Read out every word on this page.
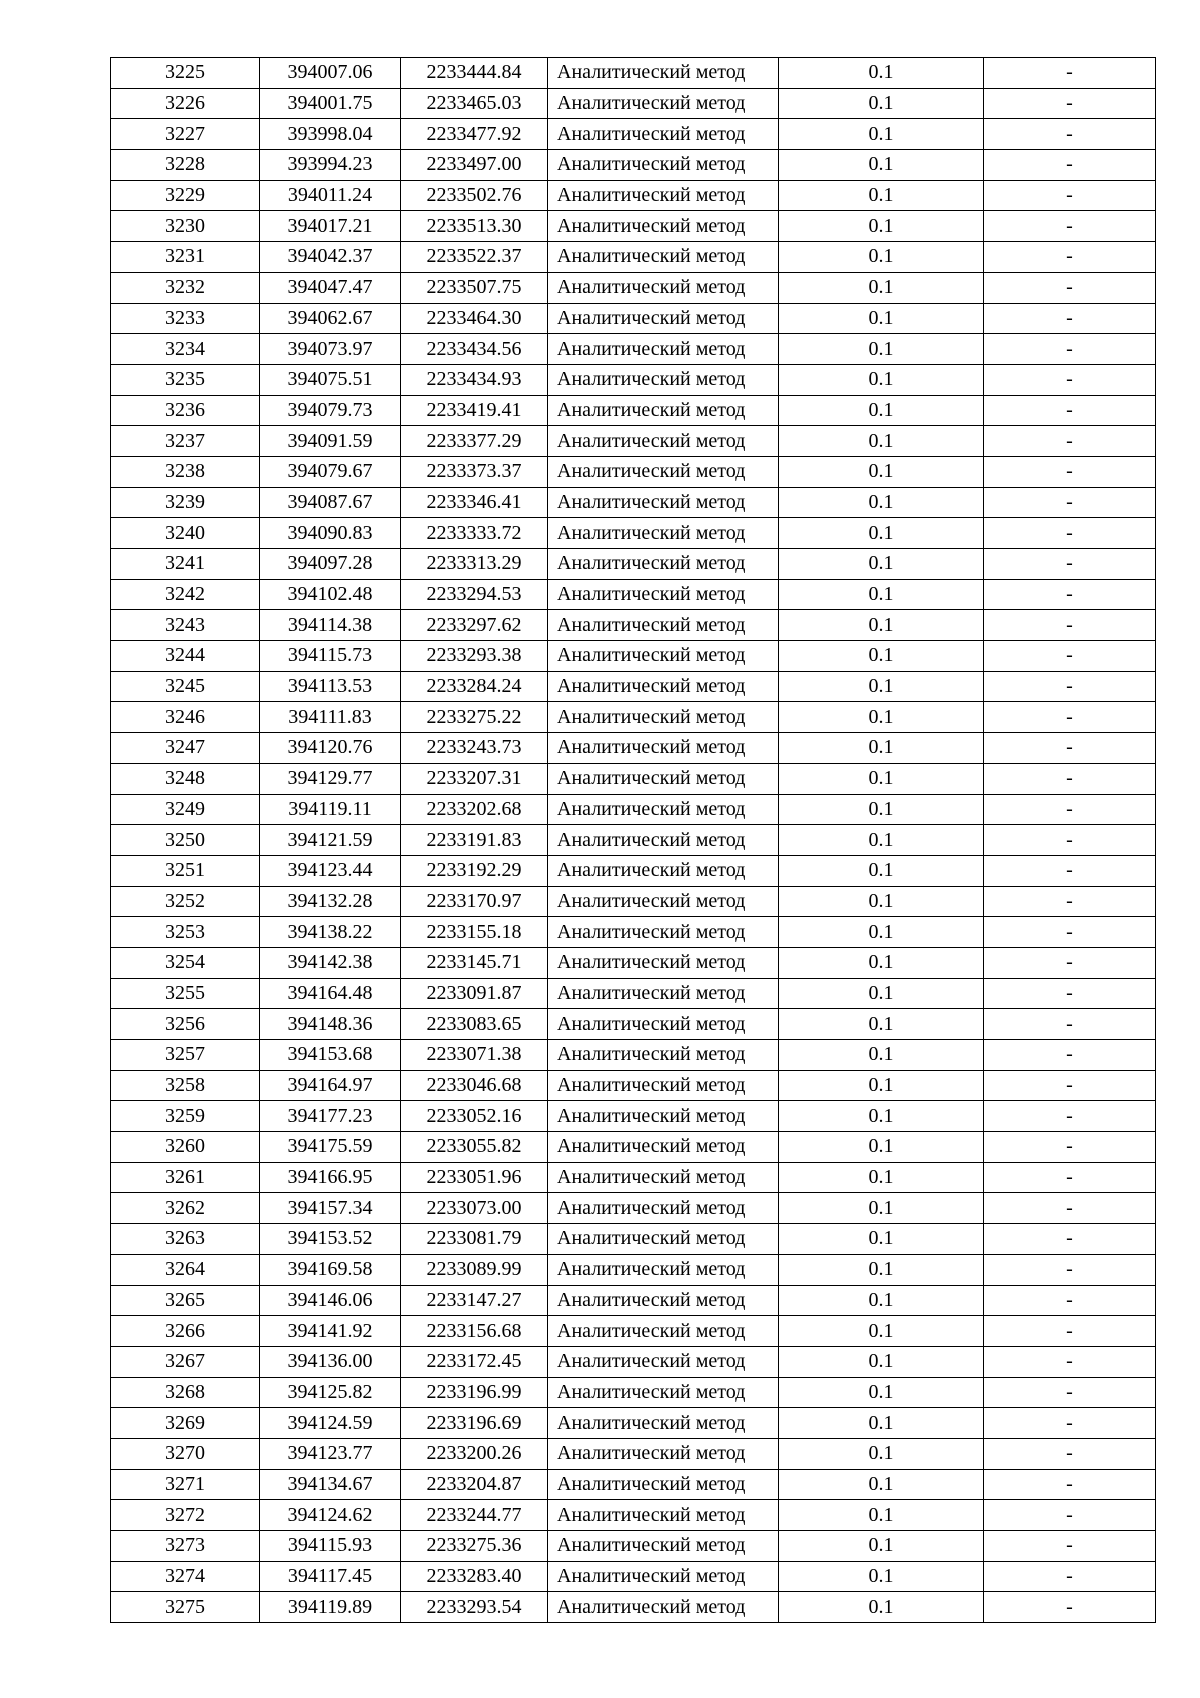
3225	394007.06	2233444.84	Аналитический метод	0.1	-
3226	394001.75	2233465.03	Аналитический метод	0.1	-
3227	393998.04	2233477.92	Аналитический метод	0.1	-
3228	393994.23	2233497.00	Аналитический метод	0.1	-
3229	394011.24	2233502.76	Аналитический метод	0.1	-
3230	394017.21	2233513.30	Аналитический метод	0.1	-
3231	394042.37	2233522.37	Аналитический метод	0.1	-
3232	394047.47	2233507.75	Аналитический метод	0.1	-
3233	394062.67	2233464.30	Аналитический метод	0.1	-
3234	394073.97	2233434.56	Аналитический метод	0.1	-
3235	394075.51	2233434.93	Аналитический метод	0.1	-
3236	394079.73	2233419.41	Аналитический метод	0.1	-
3237	394091.59	2233377.29	Аналитический метод	0.1	-
3238	394079.67	2233373.37	Аналитический метод	0.1	-
3239	394087.67	2233346.41	Аналитический метод	0.1	-
3240	394090.83	2233333.72	Аналитический метод	0.1	-
3241	394097.28	2233313.29	Аналитический метод	0.1	-
3242	394102.48	2233294.53	Аналитический метод	0.1	-
3243	394114.38	2233297.62	Аналитический метод	0.1	-
3244	394115.73	2233293.38	Аналитический метод	0.1	-
3245	394113.53	2233284.24	Аналитический метод	0.1	-
3246	394111.83	2233275.22	Аналитический метод	0.1	-
3247	394120.76	2233243.73	Аналитический метод	0.1	-
3248	394129.77	2233207.31	Аналитический метод	0.1	-
3249	394119.11	2233202.68	Аналитический метод	0.1	-
3250	394121.59	2233191.83	Аналитический метод	0.1	-
3251	394123.44	2233192.29	Аналитический метод	0.1	-
3252	394132.28	2233170.97	Аналитический метод	0.1	-
3253	394138.22	2233155.18	Аналитический метод	0.1	-
3254	394142.38	2233145.71	Аналитический метод	0.1	-
3255	394164.48	2233091.87	Аналитический метод	0.1	-
3256	394148.36	2233083.65	Аналитический метод	0.1	-
3257	394153.68	2233071.38	Аналитический метод	0.1	-
3258	394164.97	2233046.68	Аналитический метод	0.1	-
3259	394177.23	2233052.16	Аналитический метод	0.1	-
3260	394175.59	2233055.82	Аналитический метод	0.1	-
3261	394166.95	2233051.96	Аналитический метод	0.1	-
3262	394157.34	2233073.00	Аналитический метод	0.1	-
3263	394153.52	2233081.79	Аналитический метод	0.1	-
3264	394169.58	2233089.99	Аналитический метод	0.1	-
3265	394146.06	2233147.27	Аналитический метод	0.1	-
3266	394141.92	2233156.68	Аналитический метод	0.1	-
3267	394136.00	2233172.45	Аналитический метод	0.1	-
3268	394125.82	2233196.99	Аналитический метод	0.1	-
3269	394124.59	2233196.69	Аналитический метод	0.1	-
3270	394123.77	2233200.26	Аналитический метод	0.1	-
3271	394134.67	2233204.87	Аналитический метод	0.1	-
3272	394124.62	2233244.77	Аналитический метод	0.1	-
3273	394115.93	2233275.36	Аналитический метод	0.1	-
3274	394117.45	2233283.40	Аналитический метод	0.1	-
3275	394119.89	2233293.54	Аналитический метод	0.1	-
